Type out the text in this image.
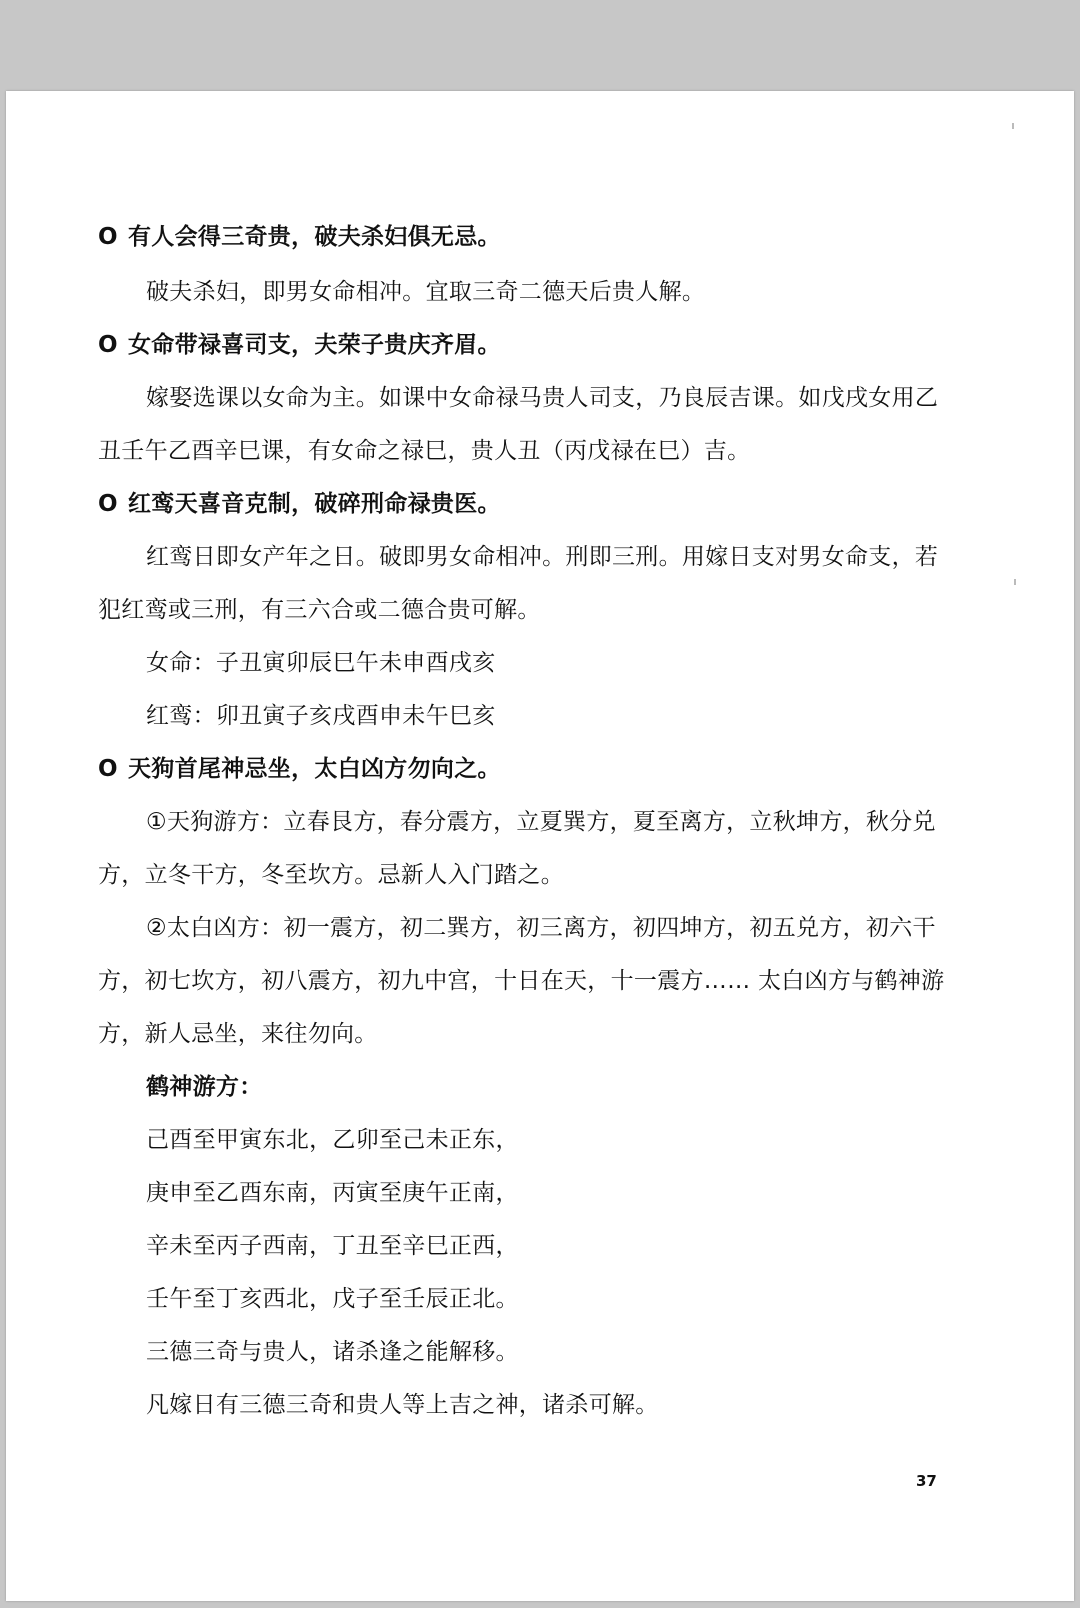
O 有人会得三奇贵，破夫杀妇俱无忌。
破夫杀妇，即男女命相冲。宜取三奇二德天后贵人解。
O 女命带禄喜司支，夫荣子贵庆齐眉。
嫁娶选课以女命为主。如课中女命禄马贵人司支，乃良辰吉课。如戊戌女用乙
丑壬午乙酉辛巳课，有女命之禄巳，贵人丑（丙戊禄在巳）吉。
O 红鸾天喜音克制，破碎刑命禄贵医。
红鸾日即女产年之日。破即男女命相冲。刑即三刑。用嫁日支对男女命支，若
犯红鸾或三刑，有三六合或二德合贵可解。
女命：子丑寅卯辰巳午未申酉戌亥
红鸾：卯丑寅子亥戌酉申未午巳亥
O 天狗首尾神忌坐，太白凶方勿向之。
①天狗游方：立春艮方，春分震方，立夏巽方，夏至离方，立秋坤方，秋分兑
方，立冬干方，冬至坎方。忌新人入门踏之。
②太白凶方：初一震方，初二巽方，初三离方，初四坤方，初五兑方，初六干
方，初七坎方，初八震方，初九中宫，十日在天，十一震方…… 太白凶方与鹤神游
方，新人忌坐，来往勿向。
鹤神游方：
己酉至甲寅东北，乙卯至己未正东，
庚申至乙酉东南，丙寅至庚午正南，
辛未至丙子西南，丁丑至辛巳正西，
壬午至丁亥西北，戊子至壬辰正北。
三德三奇与贵人，诸杀逢之能解移。
凡嫁日有三德三奇和贵人等上吉之神，诸杀可解。
37
